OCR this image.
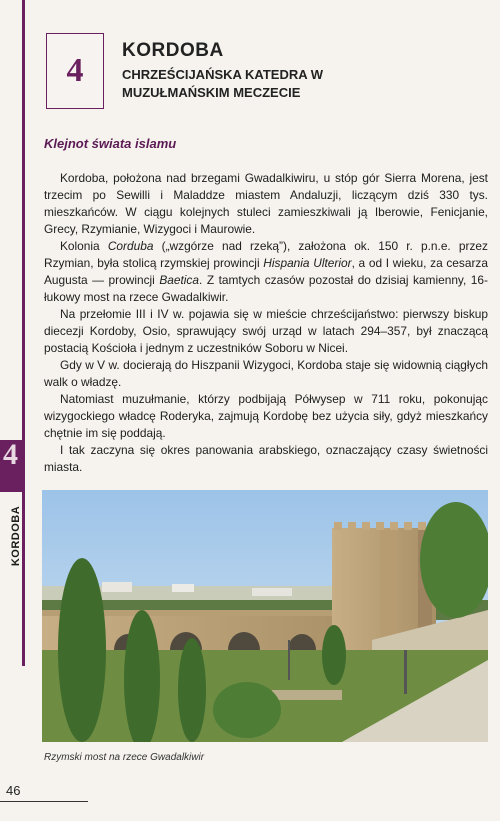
4
KORDOBA
4
KORDOBA
CHRZEŚCIJAŃSKA KATEDRA W MUZUŁMAŃSKIM MECZECIE
Klejnot świata islamu

Kordoba, położona nad brzegami Gwadalkiwiru, u stóp gór Sierra Morena, jest trzecim po Sewilli i Maladdze miastem Andaluzji, liczącym dziś 330 tys. mieszkańców. W ciągu kolejnych stuleci zamieszkiwali ją Iberowie, Fenicjanie, Grecy, Rzymianie, Wizygoci i Maurowie.

Kolonia Corduba („wzgórze nad rzeką”), założona ok. 150 r. p.n.e. przez Rzymian, była stolicą rzymskiej prowincji Hispania Ulterior, a od I wieku, za cesarza Augusta — prowincji Baetica. Z tamtych czasów pozostał do dzisiaj kamienny, 16-łukowy most na rzece Gwadalkiwir.

Na przełomie III i IV w. pojawia się w mieście chrześcijaństwo: pierwszy biskup diecezji Kordoby, Osio, sprawujący swój urząd w latach 294–357, był znaczącą postacią Kościoła i jednym z uczestników Soboru w Nicei.

Gdy w V w. docierają do Hiszpanii Wizygoci, Kordoba staje się widownią ciągłych walk o władzę.

Natomiast muzułmanie, którzy podbijają Półwysep w 711 roku, pokonując wizygockiego władcę Roderyka, zajmują Kordobę bez użycia siły, gdyż mieszkańcy chętnie im się poddają.

I tak zaczyna się okres panowania arabskiego, oznaczający czasy świetności miasta.

Rzymski most na rzece Gwadalkiwir
46
